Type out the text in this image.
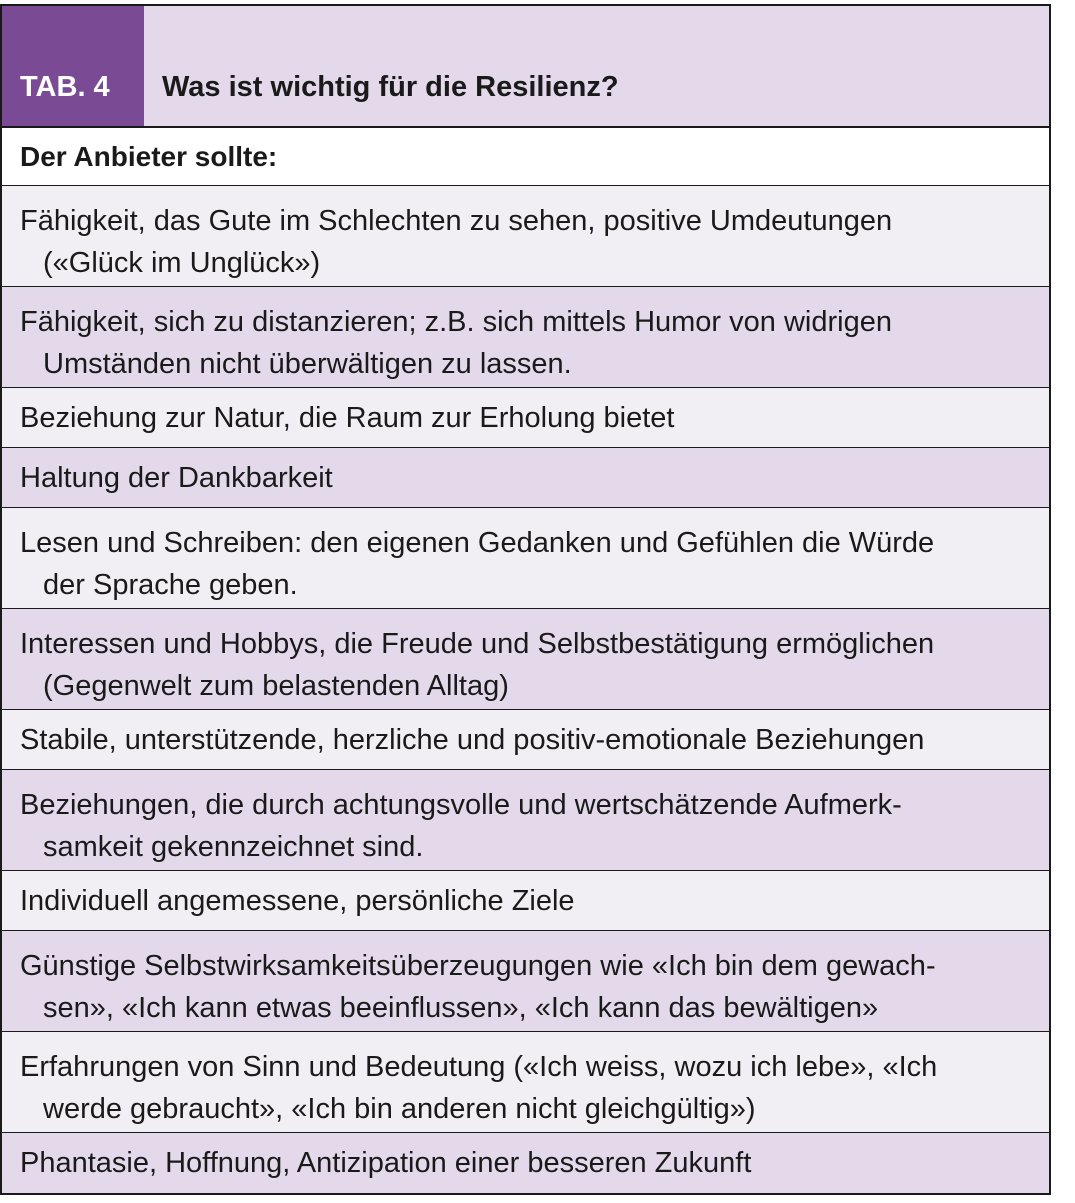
TAB. 4	Was ist wichtig für die Resilienz?
Der Anbieter sollte:
Fähigkeit, das Gute im Schlechten zu sehen, positive Umdeutungen
(«Glück im Unglück»)
Fähigkeit, sich zu distanzieren; z.B. sich mittels Humor von widrigen
Umständen nicht überwältigen zu lassen.
Beziehung zur Natur, die Raum zur Erholung bietet
Haltung der Dankbarkeit
Lesen und Schreiben: den eigenen Gedanken und Gefühlen die Würde
der Sprache geben.
Interessen und Hobbys, die Freude und Selbstbestätigung ermöglichen
(Gegenwelt zum belastenden Alltag)
Stabile, unterstützende, herzliche und positiv-emotionale Beziehungen
Beziehungen, die durch achtungsvolle und wertschätzende Aufmerk-
samkeit gekennzeichnet sind.
Individuell angemessene, persönliche Ziele
Günstige Selbstwirksamkeitsüberzeugungen wie «Ich bin dem gewach-
sen», «Ich kann etwas beeinflussen», «Ich kann das bewältigen»
Erfahrungen von Sinn und Bedeutung («Ich weiss, wozu ich lebe», «Ich
werde gebraucht», «Ich bin anderen nicht gleichgültig»)
Phantasie, Hoffnung, Antizipation einer besseren Zukunft
